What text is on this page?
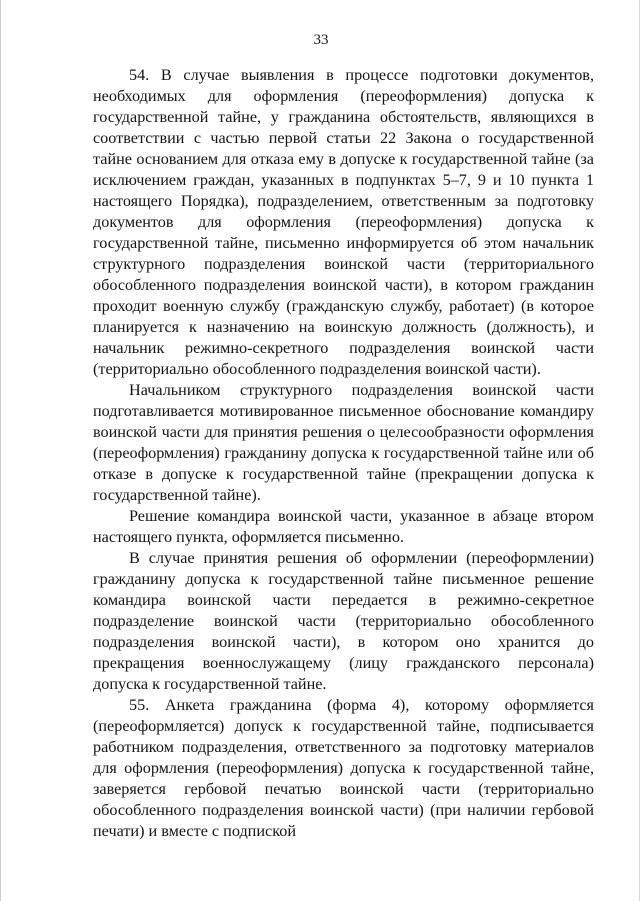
33

54. В случае выявления в процессе подготовки документов, необходимых для оформления (переоформления) допуска к государственной тайне, у гражданина обстоятельств, являющихся в соответствии с частью первой статьи 22 Закона о государственной тайне основанием для отказа ему в допуске к государственной тайне (за исключением граждан, указанных в подпунктах 5–7, 9 и 10 пункта 1 настоящего Порядка), подразделением, ответственным за подготовку документов для оформления (переоформления) допуска к государственной тайне, письменно информируется об этом начальник структурного подразделения воинской части (территориального обособленного подразделения воинской части), в котором гражданин проходит военную службу (гражданскую службу, работает) (в которое планируется к назначению на воинскую должность (должность), и начальник режимно-секретного подразделения воинской части (территориально обособленного подразделения воинской части).

Начальником структурного подразделения воинской части подготавливается мотивированное письменное обоснование командиру воинской части для принятия решения о целесообразности оформления (переоформления) гражданину допуска к государственной тайне или об отказе в допуске к государственной тайне (прекращении допуска к государственной тайне).

Решение командира воинской части, указанное в абзаце втором настоящего пункта, оформляется письменно.

В случае принятия решения об оформлении (переоформлении) гражданину допуска к государственной тайне письменное решение командира воинской части передается в режимно-секретное подразделение воинской части (территориально обособленного подразделения воинской части), в котором оно хранится до прекращения военнослужащему (лицу гражданского персонала) допуска к государственной тайне.

55. Анкета гражданина (форма 4), которому оформляется (переоформляется) допуск к государственной тайне, подписывается работником подразделения, ответственного за подготовку материалов для оформления (переоформления) допуска к государственной тайне, заверяется гербовой печатью воинской части (территориально обособленного подразделения воинской части) (при наличии гербовой печати) и вместе с подпиской
